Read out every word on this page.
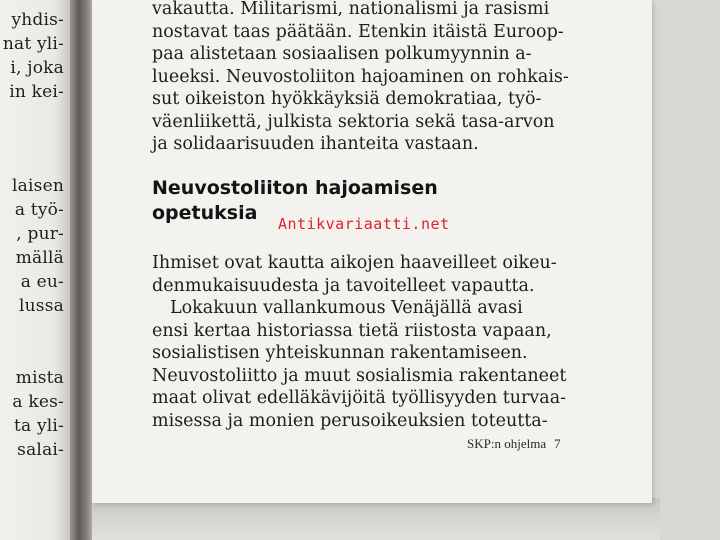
yhdis-
nat yli-
i, joka
in kei-
laisen
a työ-
, pur-
mällä
a eu-
lussa
mista
a kes-
ta yli-
salai-
vakautta. Militarismi, nationalismi ja rasismi
nostavat taas päätään. Etenkin itäistä Euroop-
paa alistetaan sosiaalisen polkumyynnin a-
lueeksi. Neuvostoliiton hajoaminen on rohkais-
sut oikeiston hyökkäyksiä demokratiaa, työ-
väenliikettä, julkista sektoria sekä tasa-arvon
ja solidaarisuuden ihanteita vastaan.
Neuvostoliiton hajoamisen
opetuksia	Antikvariaatti.net
Ihmiset ovat kautta aikojen haaveilleet oikeu-
denmukaisuudesta ja tavoitelleet vapautta.
Lokakuun vallankumous Venäjällä avasi
ensi kertaa historiassa tietä riistosta vapaan,
sosialistisen yhteiskunnan rakentamiseen.
Neuvostoliitto ja muut sosialismia rakentaneet
maat olivat edelläkävijöitä työllisyyden turvaa-
misessa ja monien perusoikeuksien toteutta-
SKP:n ohjelma 7
